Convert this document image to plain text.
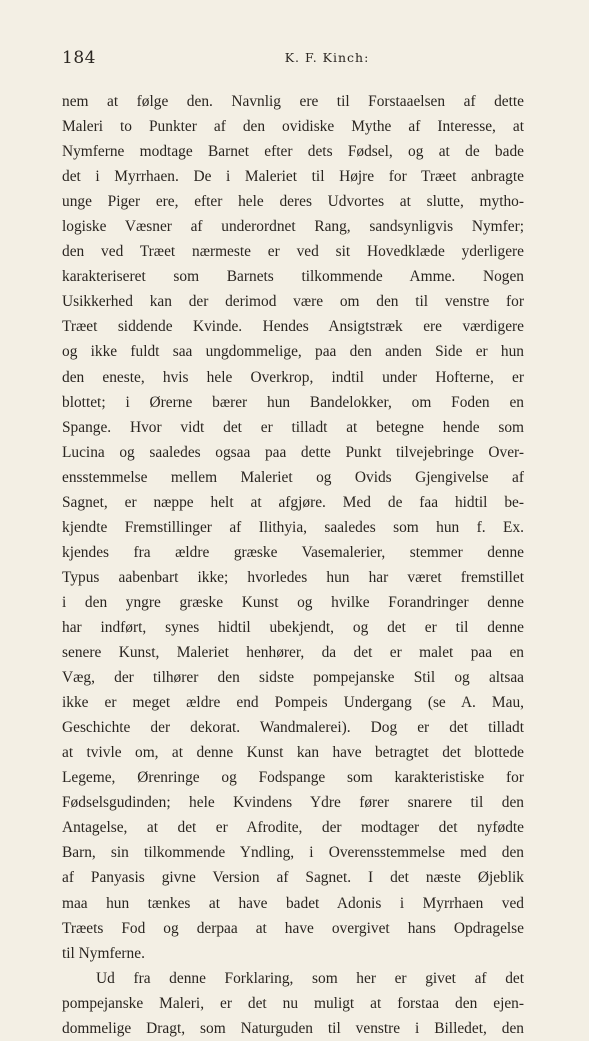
184	K. F. Kinch:
nem at følge den. Navnlig ere til Forstaaelsen af dette
Maleri to Punkter af den ovidiske Mythe af Interesse, at
Nymferne modtage Barnet efter dets Fødsel, og at de bade
det i Myrrhaen. De i Maleriet til Højre for Træet anbragte
unge Piger ere, efter hele deres Udvortes at slutte, mytho-
logiske Væsner af underordnet Rang, sandsynligvis Nymfer;
den ved Træet nærmeste er ved sit Hovedklæde yderligere
karakteriseret som Barnets tilkommende Amme. Nogen
Usikkerhed kan der derimod være om den til venstre for
Træet siddende Kvinde. Hendes Ansigtstræk ere værdigere
og ikke fuldt saa ungdommelige, paa den anden Side er hun
den eneste, hvis hele Overkrop, indtil under Hofterne, er
blottet; i Ørerne bærer hun Bandelokker, om Foden en
Spange. Hvor vidt det er tilladt at betegne hende som
Lucina og saaledes ogsaa paa dette Punkt tilvejebringe Over-
ensstemmelse mellem Maleriet og Ovids Gjengivelse af
Sagnet, er næppe helt at afgjøre. Med de faa hidtil be-
kjendte Fremstillinger af Ilithyia, saaledes som hun f. Ex.
kjendes fra ældre græske Vasemalerier, stemmer denne
Typus aabenbart ikke; hvorledes hun har været fremstillet
i den yngre græske Kunst og hvilke Forandringer denne
har indført, synes hidtil ubekjendt, og det er til denne
senere Kunst, Maleriet henhører, da det er malet paa en
Væg, der tilhører den sidste pompejanske Stil og altsaa
ikke er meget ældre end Pompeis Undergang (se A. Mau,
Geschichte der dekorat. Wandmalerei). Dog er det tilladt
at tvivle om, at denne Kunst kan have betragtet det blottede
Legeme, Ørenringe og Fodspange som karakteristiske for
Fødselsgudinden; hele Kvindens Ydre fører snarere til den
Antagelse, at det er Afrodite, der modtager det nyfødte
Barn, sin tilkommende Yndling, i Overensstemmelse med den
af Panyasis givne Version af Sagnet. I det næste Øjeblik
maa hun tænkes at have badet Adonis i Myrrhaen ved
Træets Fod og derpaa at have overgivet hans Opdragelse
til Nymferne.
Ud fra denne Forklaring, som her er givet af det
pompejanske Maleri, er det nu muligt at forstaa den ejen-
dommelige Dragt, som Naturguden til venstre i Billedet, den
